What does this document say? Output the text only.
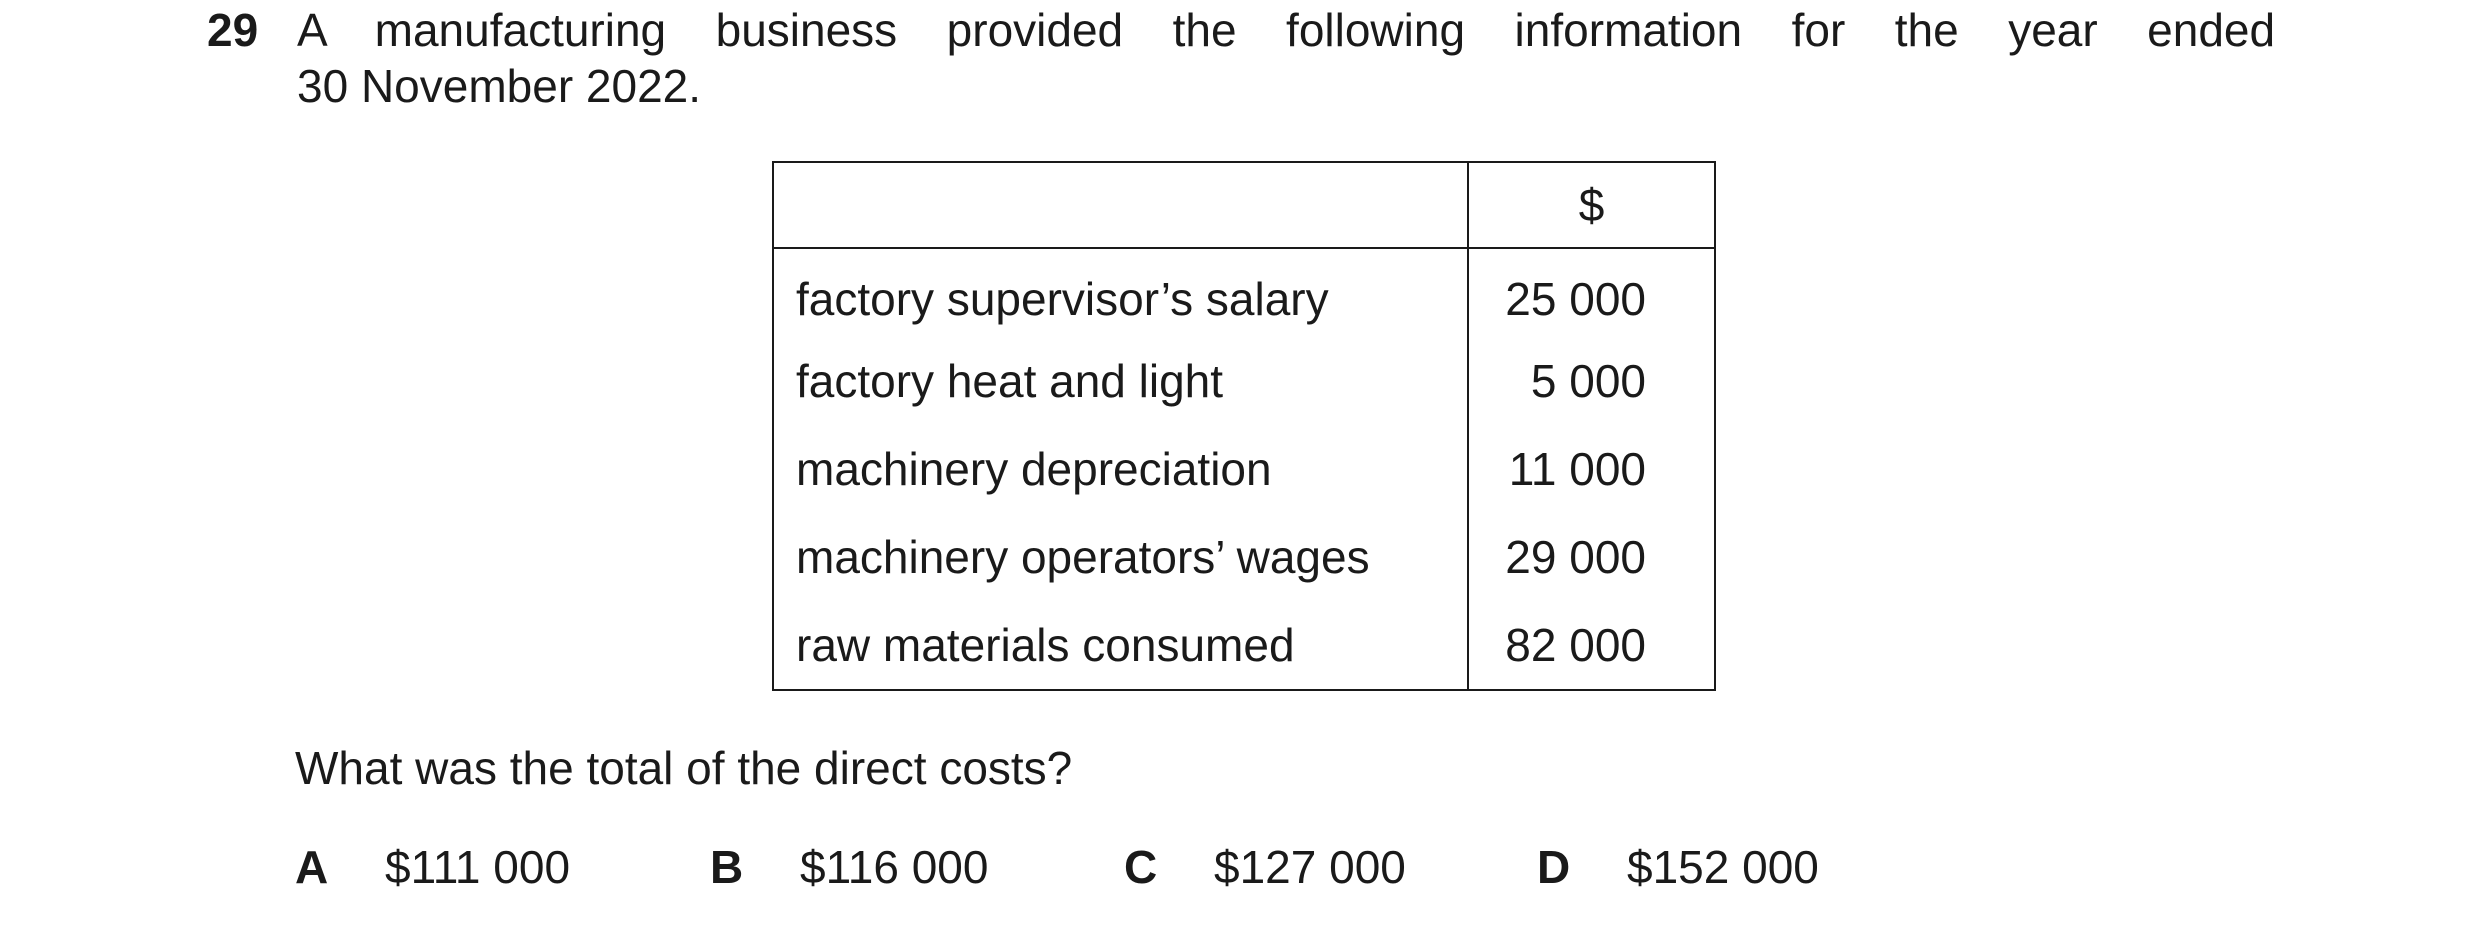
29 A manufacturing business provided the following information for the year ended
30 November 2022.
	$
factory supervisor’s salary	25 000
factory heat and light	5 000
machinery depreciation	11 000
machinery operators’ wages	29 000
raw materials consumed	82 000
What was the total of the direct costs?
A $111 000	B $116 000	C $127 000	D $152 000
